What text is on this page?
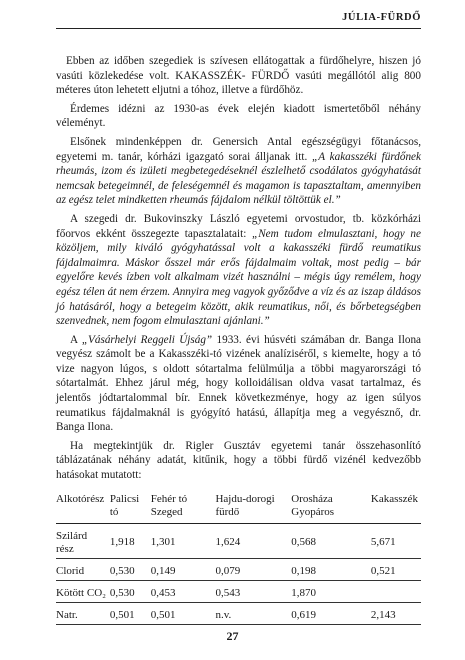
JÚLIA-FÜRDŐ

Ebben az időben szegediek is szívesen ellátogattak a fürdőhelyre, hiszen jó vasúti közlekedése volt. KAKASSZÉK- FÜRDŐ vasúti megállótól alig 800 méteres úton lehetett eljutni a tóhoz, illetve a fürdőhöz.

Érdemes idézni az 1930-as évek elején kiadott ismertetőből néhány véleményt.

Elsőnek mindenképpen dr. Genersich Antal egészségügyi főtanácsos, egyetemi m. tanár, kórházi igazgató sorai álljanak itt. „A kakasszéki fürdőnek rheumás, izom és izületi megbetegedéseknél észlelhető csodálatos gyógyhatását nemcsak betegeimnél, de feleségemnél és magamon is tapasztaltam, amennyiben az egész telet mindketten rheumás fájdalom nélkül töltöttük el.”

A szegedi dr. Bukovinszky László egyetemi orvostudor, tb. közkórházi főorvos ekként összegezte tapasztalatait: „Nem tudom elmulasztani, hogy ne közöljem, mily kiváló gyógyhatással volt a kakasszéki fürdő reumatikus fájdalmaimra. Máskor ősszel már erős fájdalmaim voltak, most pedig – bár egyelőre kevés ízben volt alkalmam vizét használni – mégis úgy remélem, hogy egész télen át nem érzem. Annyira meg vagyok győződve a víz és az iszap áldásos jó hatásáról, hogy a betegeim között, akik reumatikus, női, és bőrbetegségben szenvednek, nem fogom elmulasztani ajánlani.”

A „Vásárhelyi Reggeli Újság” 1933. évi húsvéti számában dr. Banga Ilona vegyész számolt be a Kakasszéki-tó vizének analíziséről, s kiemelte, hogy a tó vize nagyon lúgos, s oldott sótartalma felülmúlja a többi magyarországi tó sótartalmát. Ehhez járul még, hogy kolloidálisan oldva vasat tartalmaz, és jelentős jódtartalommal bír. Ennek következménye, hogy az igen súlyos reumatikus fájdalmaknál is gyógyító hatású, állapítja meg a vegyésznő, dr. Banga Ilona.

Ha megtekintjük dr. Rigler Gusztáv egyetemi tanár összehasonlító táblázatának néhány adatát, kitűnik, hogy a többi fürdő vizénél kedvezőbb hatásokat mutatott:

Alkotórész	Palicsi tó	Fehér tó Szeged	Hajdu-dorogi fürdő	Orosháza Gyopáros	Kakasszék
Szilárd rész	1,918	1,301	1,624	0,568	5,671
Clorid	0,530	0,149	0,079	0,198	0,521
Kötött CO₂	0,530	0,453	0,543	1,870	
Natr.	0,501	0,501	n.v.	0,619	2,143
27
